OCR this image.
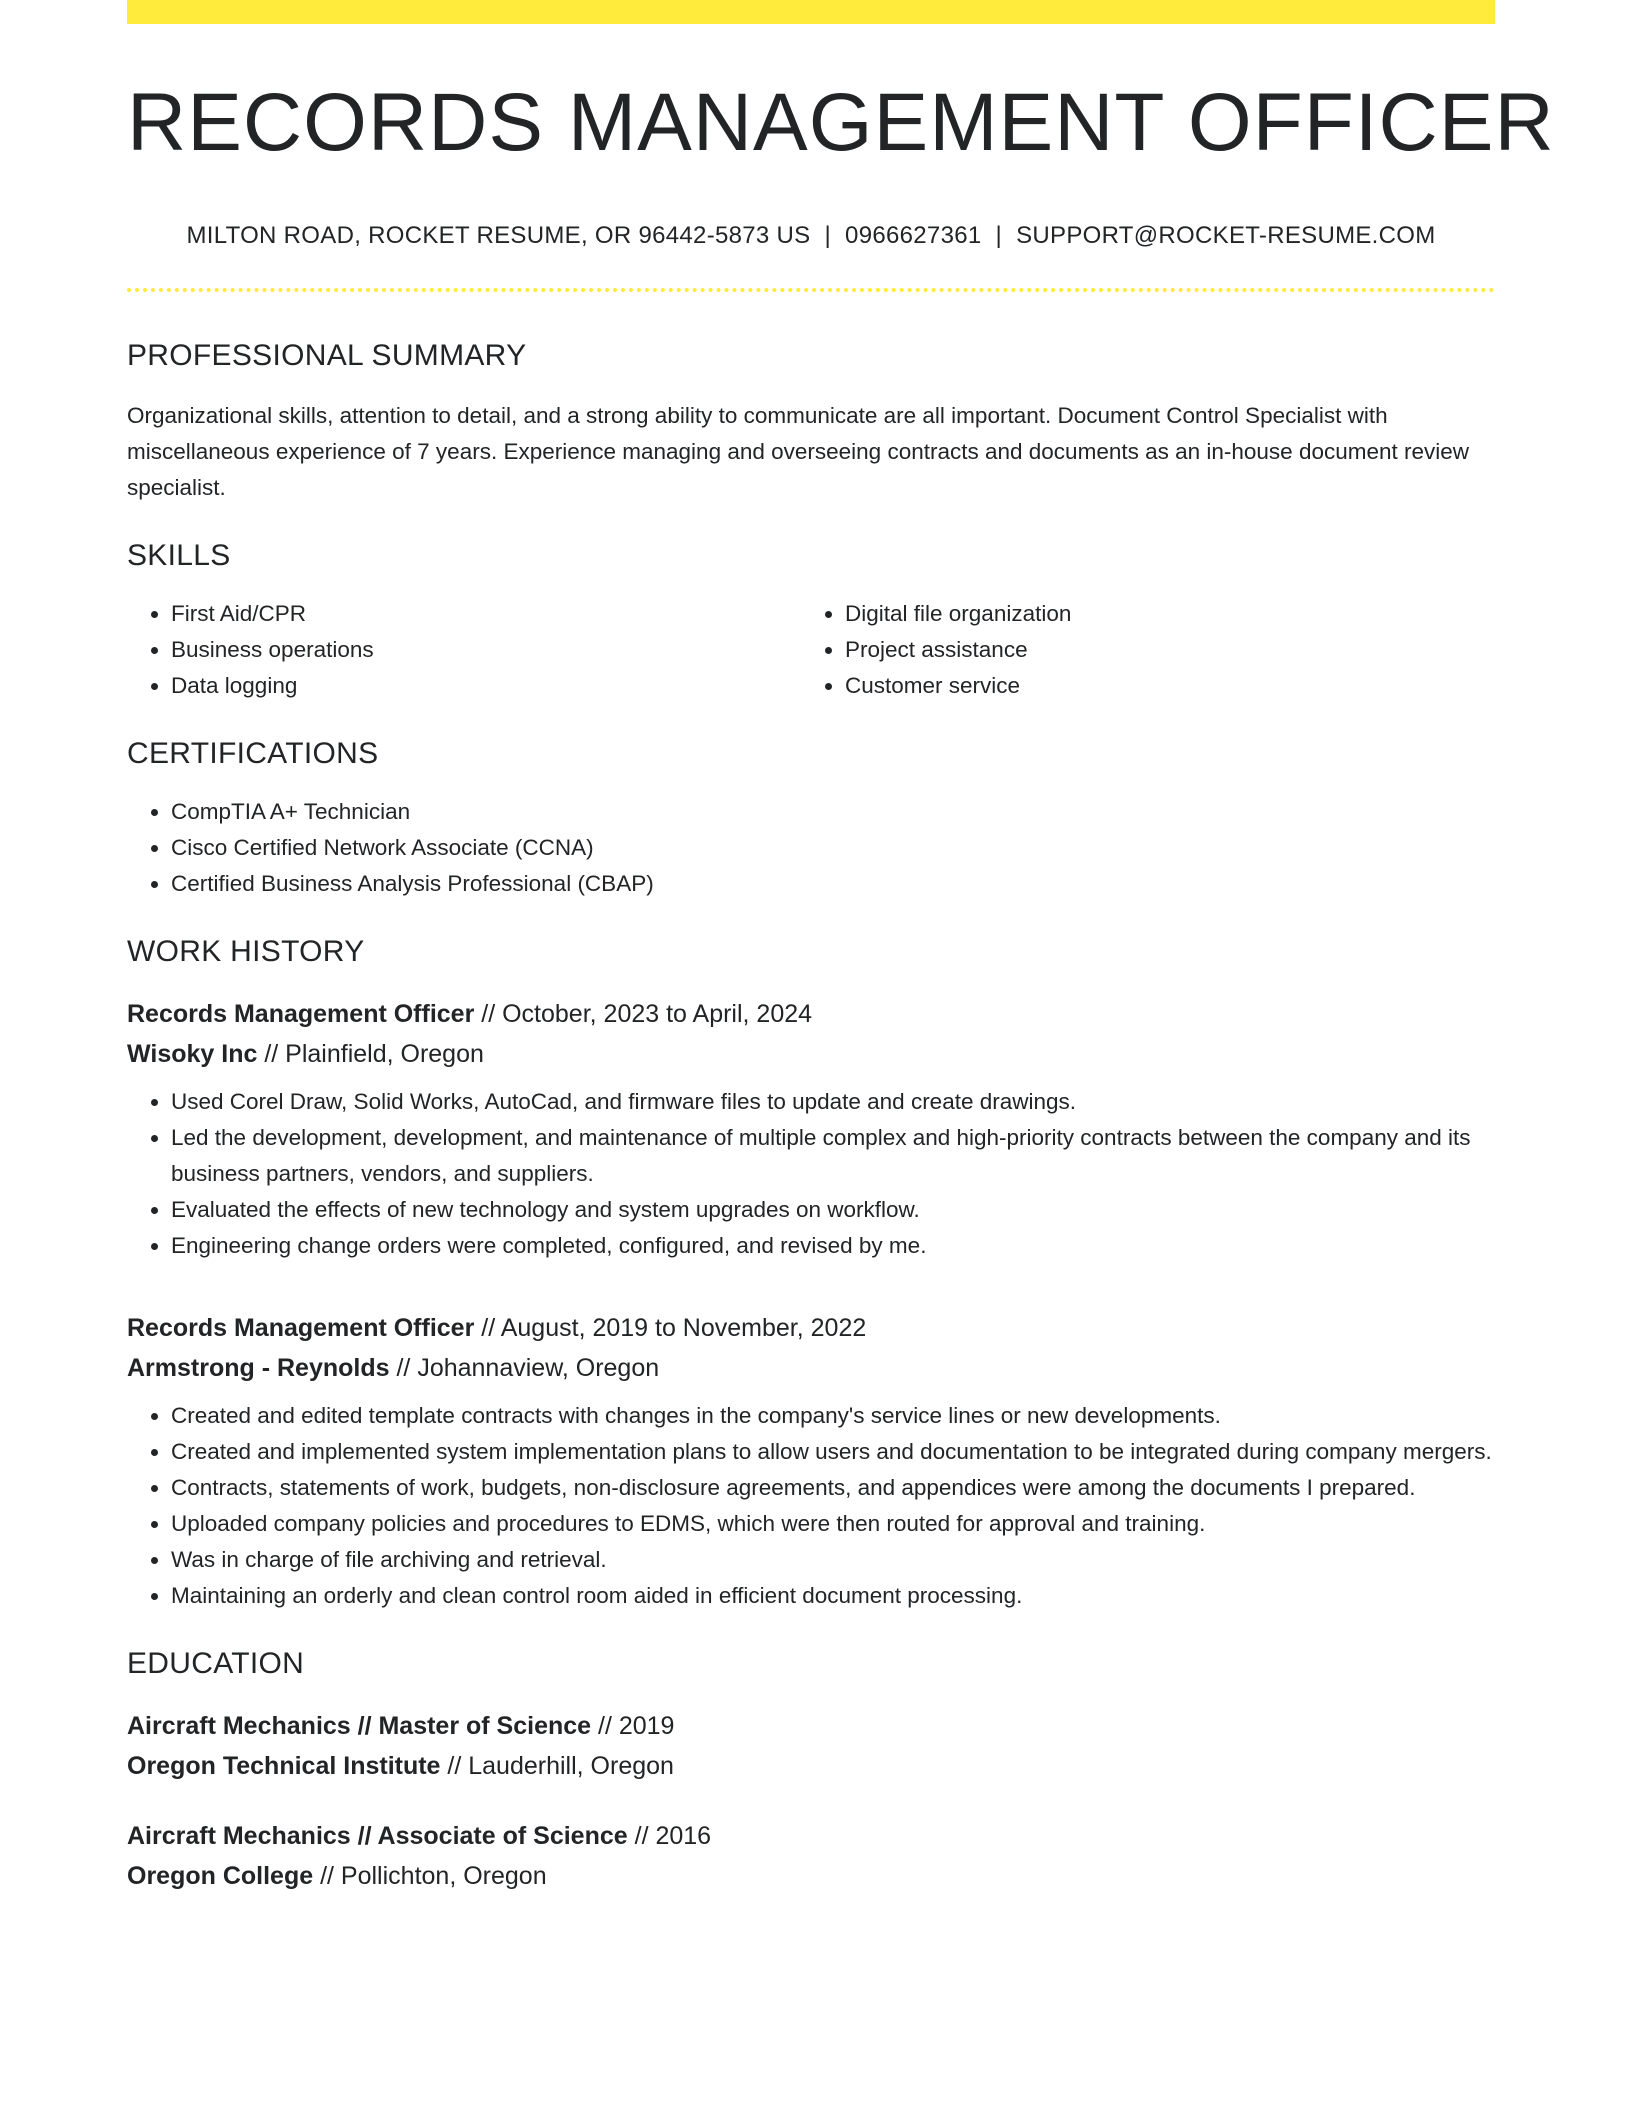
RECORDS MANAGEMENT OFFICER
MILTON ROAD, ROCKET RESUME, OR 96442-5873 US | 0966627361 | SUPPORT@ROCKET-RESUME.COM
PROFESSIONAL SUMMARY
Organizational skills, attention to detail, and a strong ability to communicate are all important. Document Control Specialist with miscellaneous experience of 7 years. Experience managing and overseeing contracts and documents as an in-house document review specialist.
SKILLS
• First Aid/CPR
• Business operations
• Data logging
• Digital file organization
• Project assistance
• Customer service
CERTIFICATIONS
• CompTIA A+ Technician
• Cisco Certified Network Associate (CCNA)
• Certified Business Analysis Professional (CBAP)
WORK HISTORY
Records Management Officer // October, 2023 to April, 2024
Wisoky Inc // Plainfield, Oregon
• Used Corel Draw, Solid Works, AutoCad, and firmware files to update and create drawings.
• Led the development, development, and maintenance of multiple complex and high-priority contracts between the company and its business partners, vendors, and suppliers.
• Evaluated the effects of new technology and system upgrades on workflow.
• Engineering change orders were completed, configured, and revised by me.
Records Management Officer // August, 2019 to November, 2022
Armstrong - Reynolds // Johannaview, Oregon
• Created and edited template contracts with changes in the company's service lines or new developments.
• Created and implemented system implementation plans to allow users and documentation to be integrated during company mergers.
• Contracts, statements of work, budgets, non-disclosure agreements, and appendices were among the documents I prepared.
• Uploaded company policies and procedures to EDMS, which were then routed for approval and training.
• Was in charge of file archiving and retrieval.
• Maintaining an orderly and clean control room aided in efficient document processing.
EDUCATION
Aircraft Mechanics // Master of Science // 2019
Oregon Technical Institute // Lauderhill, Oregon
Aircraft Mechanics // Associate of Science // 2016
Oregon College // Pollichton, Oregon
